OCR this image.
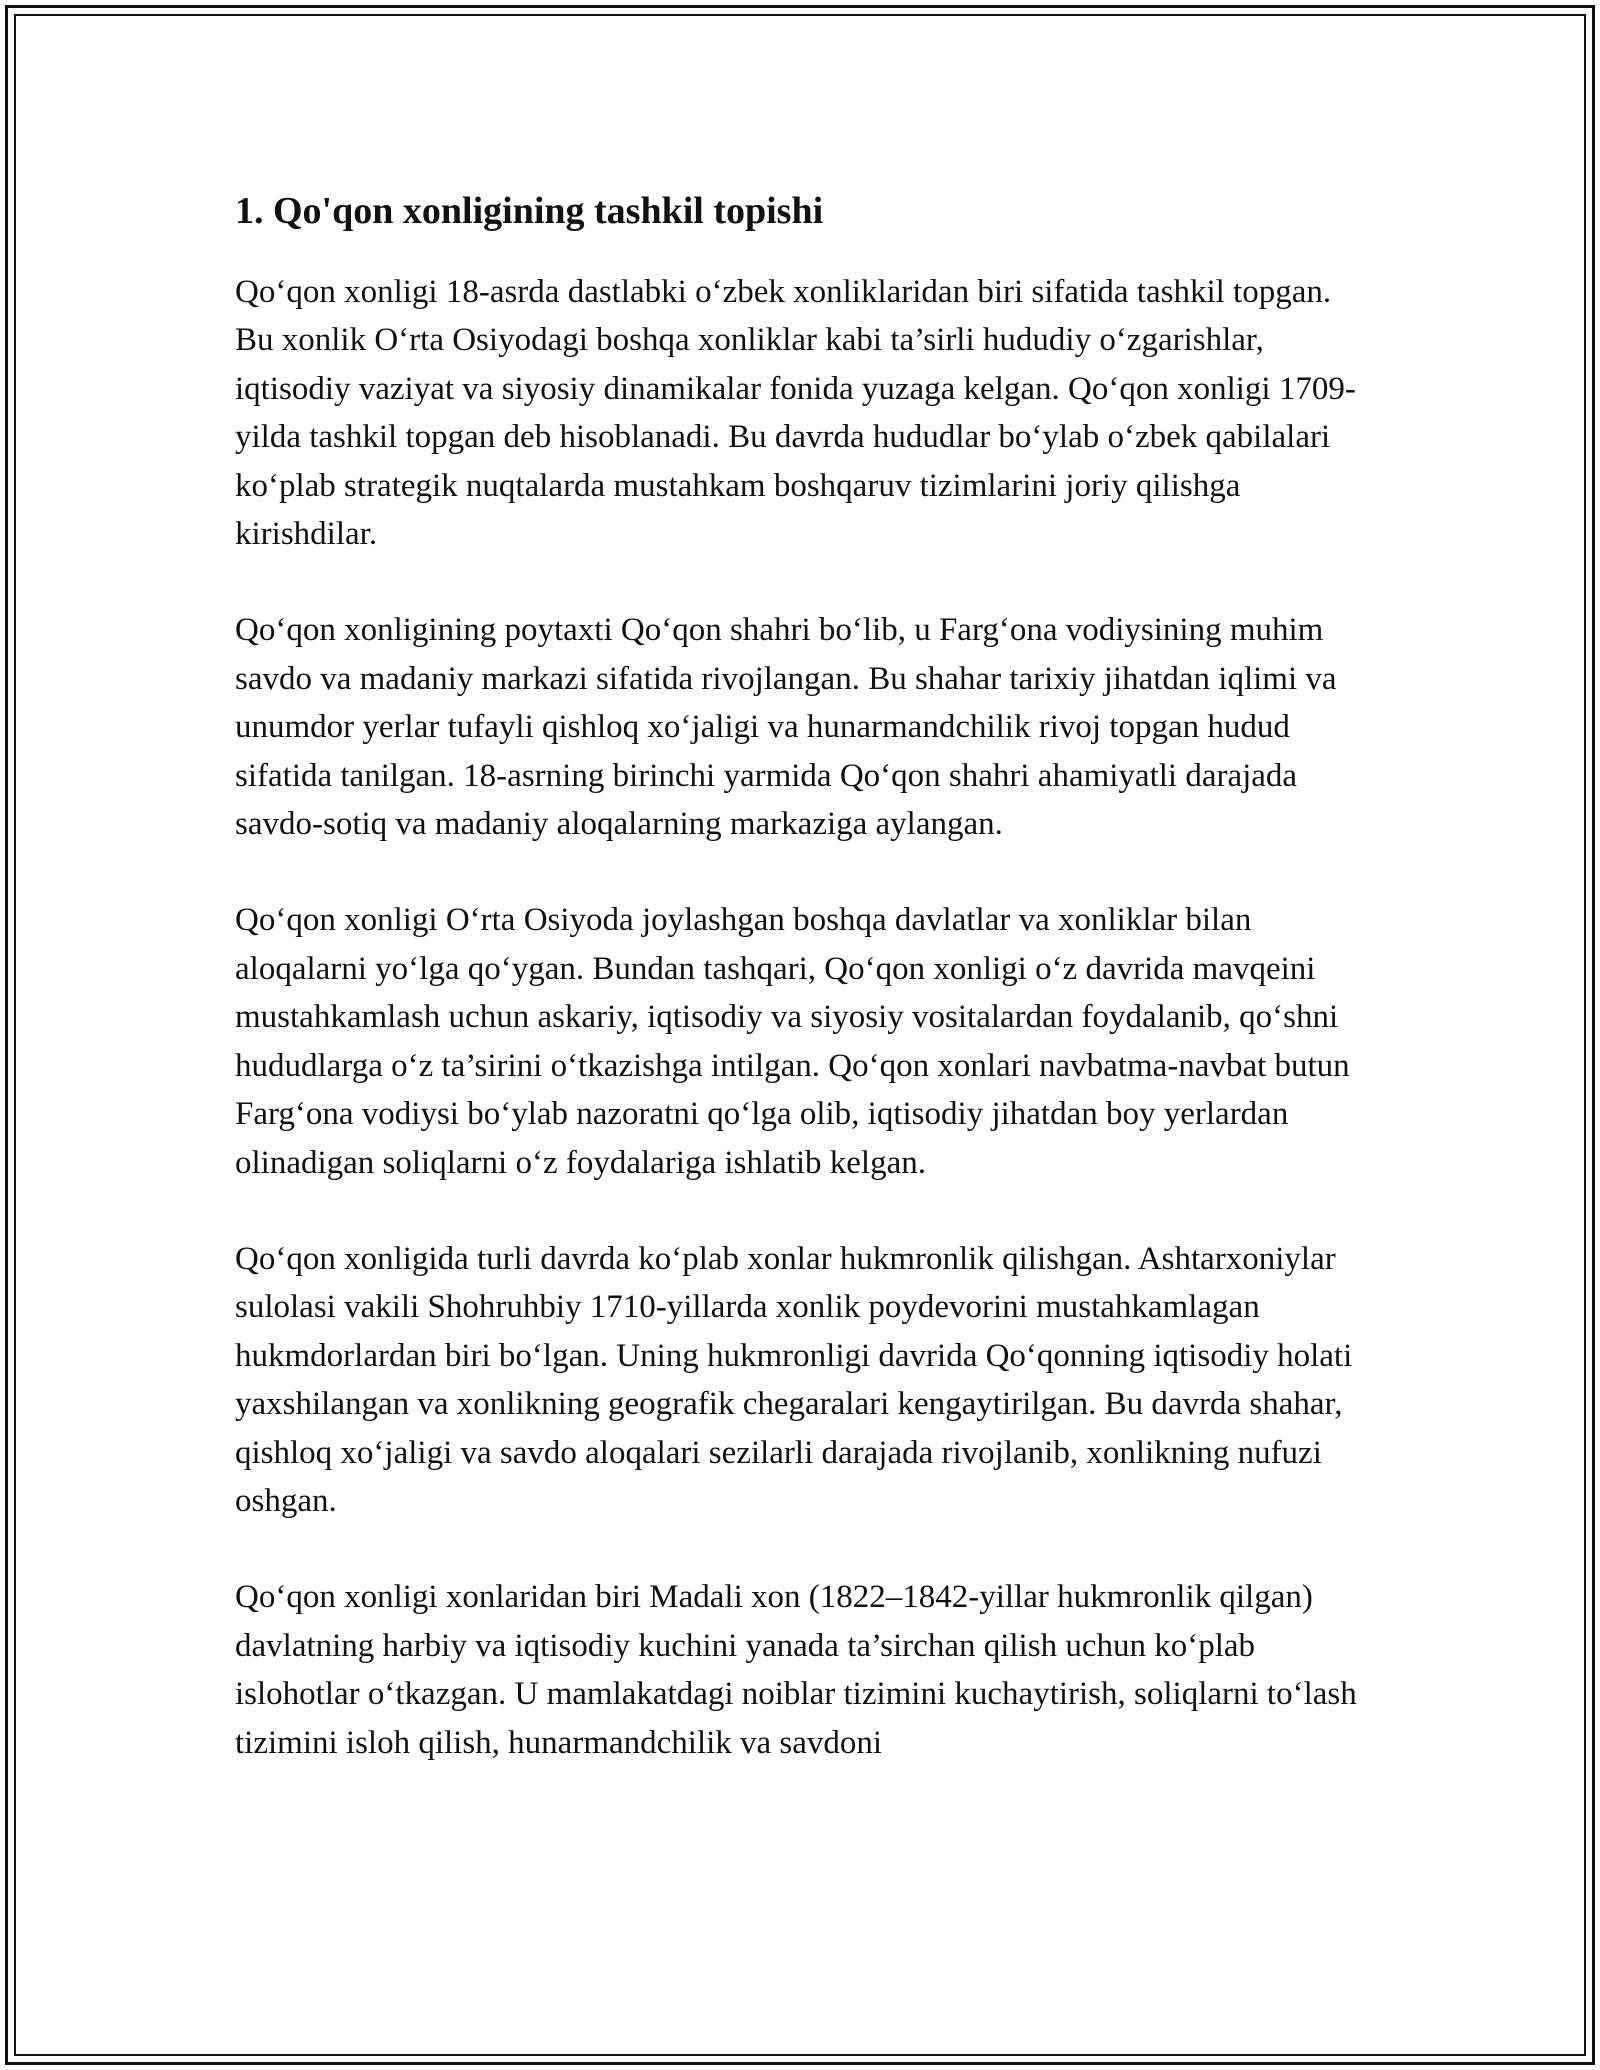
1. Qo'qon xonligining tashkil topishi

Qo‘qon xonligi 18-asrda dastlabki o‘zbek xonliklaridan biri sifatida tashkil topgan. Bu xonlik O‘rta Osiyodagi boshqa xonliklar kabi ta’sirli hududiy o‘zgarishlar, iqtisodiy vaziyat va siyosiy dinamikalar fonida yuzaga kelgan. Qo‘qon xonligi 1709-yilda tashkil topgan deb hisoblanadi. Bu davrda hududlar bo‘ylab o‘zbek qabilalari ko‘plab strategik nuqtalarda mustahkam boshqaruv tizimlarini joriy qilishga kirishdilar.

Qo‘qon xonligining poytaxti Qo‘qon shahri bo‘lib, u Farg‘ona vodiysining muhim savdo va madaniy markazi sifatida rivojlangan. Bu shahar tarixiy jihatdan iqlimi va unumdor yerlar tufayli qishloq xo‘jaligi va hunarmandchilik rivoj topgan hudud sifatida tanilgan. 18-asrning birinchi yarmida Qo‘qon shahri ahamiyatli darajada savdo-sotiq va madaniy aloqalarning markaziga aylangan.

Qo‘qon xonligi O‘rta Osiyoda joylashgan boshqa davlatlar va xonliklar bilan aloqalarni yo‘lga qo‘ygan. Bundan tashqari, Qo‘qon xonligi o‘z davrida mavqeini mustahkamlash uchun askariy, iqtisodiy va siyosiy vositalardan foydalanib, qo‘shni hududlarga o‘z ta’sirini o‘tkazishga intilgan. Qo‘qon xonlari navbatma-navbat butun Farg‘ona vodiysi bo‘ylab nazoratni qo‘lga olib, iqtisodiy jihatdan boy yerlardan olinadigan soliqlarni o‘z foydalariga ishlatib kelgan.

Qo‘qon xonligida turli davrda ko‘plab xonlar hukmronlik qilishgan. Ashtarxoniylar sulolasi vakili Shohruhbiy 1710-yillarda xonlik poydevorini mustahkamlagan hukmdorlardan biri bo‘lgan. Uning hukmronligi davrida Qo‘qonning iqtisodiy holati yaxshilangan va xonlikning geografik chegaralari kengaytirilgan. Bu davrda shahar, qishloq xo‘jaligi va savdo aloqalari sezilarli darajada rivojlanib, xonlikning nufuzi oshgan.

Qo‘qon xonligi xonlaridan biri Madali xon (1822–1842-yillar hukmronlik qilgan) davlatning harbiy va iqtisodiy kuchini yanada ta’sirchan qilish uchun ko‘plab islohotlar o‘tkazgan. U mamlakatdagi noiblar tizimini kuchaytirish, soliqlarni to‘lash tizimini isloh qilish, hunarmandchilik va savdoni
